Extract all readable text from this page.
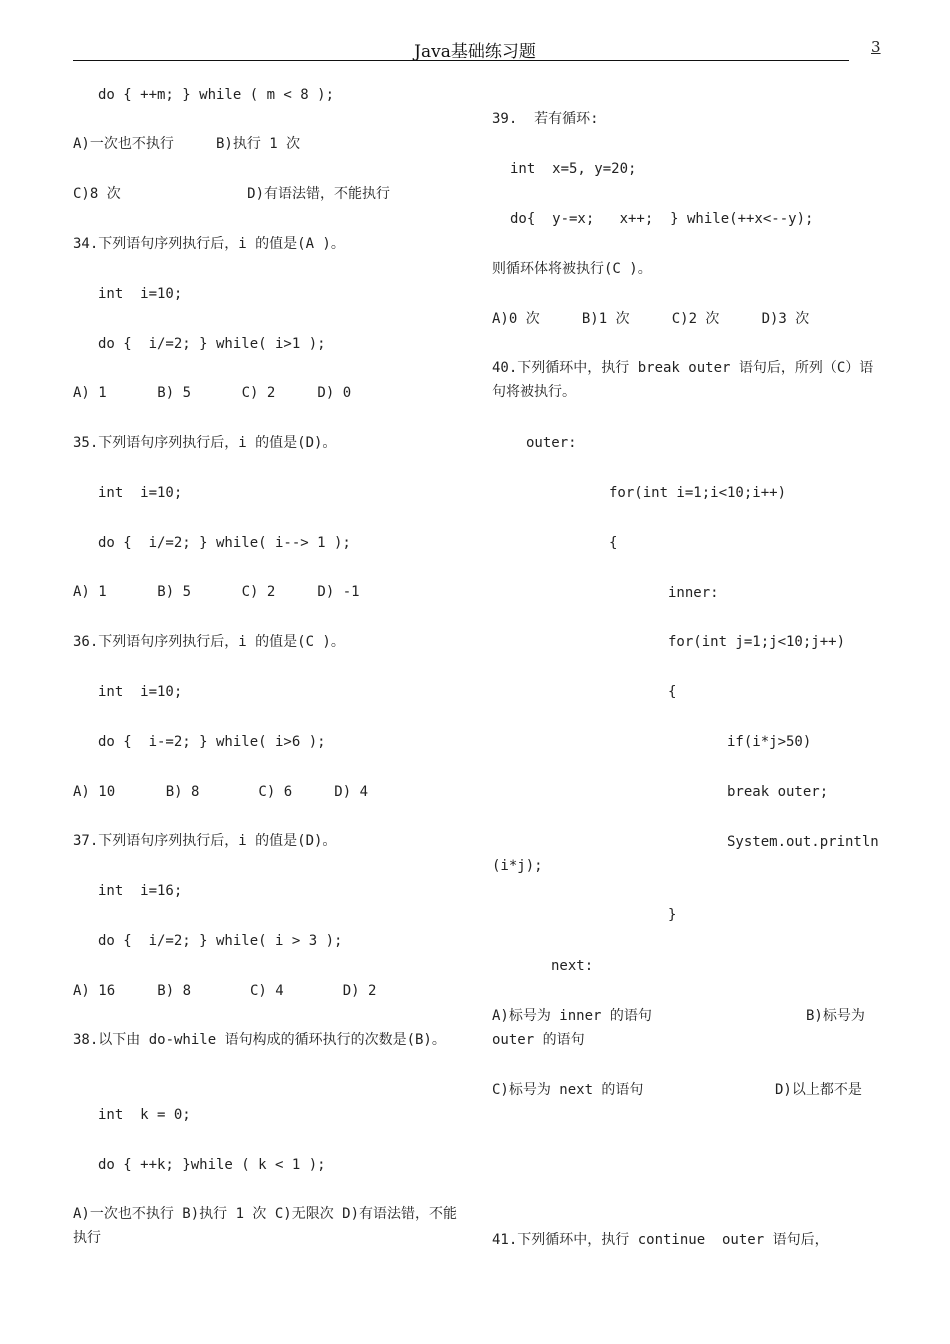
Java基础练习题	3
do { ++m; } while ( m < 8 );
A)一次也不执行     B)执行 1 次
C)8 次               D)有语法错，不能执行
34.下列语句序列执行后，i 的值是(A )。
int  i=10;
do {  i/=2; } while( i>1 );
A) 1      B) 5      C) 2     D) 0
35.下列语句序列执行后，i 的值是(D)。
int  i=10;
do {  i/=2; } while( i--> 1 );
A) 1      B) 5      C) 2     D) -1
36.下列语句序列执行后，i 的值是(C )。
int  i=10;
do {  i-=2; } while( i>6 );
A) 10      B) 8       C) 6     D) 4
37.下列语句序列执行后，i 的值是(D)。
int  i=16;
do {  i/=2; } while( i > 3 );
A) 16     B) 8       C) 4       D) 2
38.以下由 do-while 语句构成的循环执行的次数是(B)。
int  k = 0;
do { ++k; }while ( k < 1 );
A)一次也不执行 B)执行 1 次 C)无限次 D)有语法错，不能执行
39.  若有循环:
int  x=5, y=20;
do{  y-=x;   x++;  } while(++x<--y);
则循环体将被执行(C )。
A)0 次     B)1 次     C)2 次     D)3 次
40.下列循环中，执行 break outer 语句后，所列（C）语句将被执行。
outer:
for(int i=1;i<10;i++)
{
inner:
for(int j=1;j<10;j++)
{
if(i*j>50)
break outer;
System.out.println
(i*j);
}
next:
A)标号为 inner 的语句	B)标号为
outer 的语句
C)标号为 next 的语句	D)以上都不是
41.下列循环中，执行 continue  outer 语句后，
